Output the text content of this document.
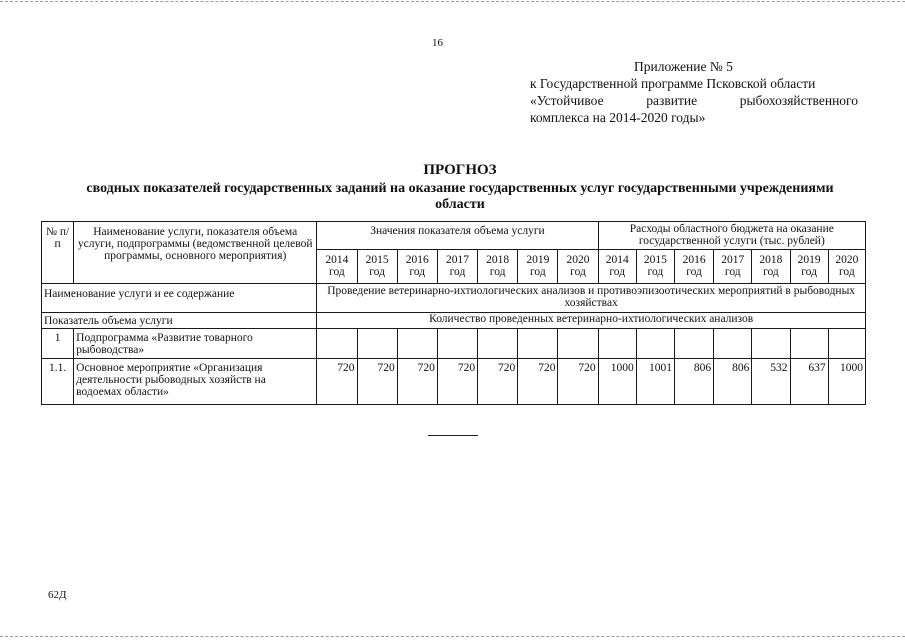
16
Приложение № 5
к Государственной программе Псковской области
«Устойчивое развитие рыбохозяйственного
комплекса на 2014-2020 годы»
ПРОГНОЗ
сводных показателей государственных заданий на оказание государственных услуг государственными учреждениями области
№ п/п	Наименование услуги, показателя объема услуги, подпрограммы (ведомственной целевой программы, основного мероприятия)	Значения показателя объема услуги							Расходы областного бюджета на оказание государственной услуги (тыс. рублей)						
		2014 год	2015 год	2016 год	2017 год	2018 год	2019 год	2020 год	2014 год	2015 год	2016 год	2017 год	2018 год	2019 год	2020 год
Наименование услуги и ее содержание		Проведение ветеринарно-ихтиологических анализов и противоэпизоотических мероприятий в рыбоводных хозяйствах													
Показатель объема услуги		Количество проведенных ветеринарно-ихтиологических анализов													
1	Подпрограмма «Развитие товарного рыбоводства»														
1.1.	Основное мероприятие «Организация деятельности рыбоводных хозяйств на водоемах области»	720	720	720	720	720	720	720	1000	1001	806	806	532	637	1000
62Д
